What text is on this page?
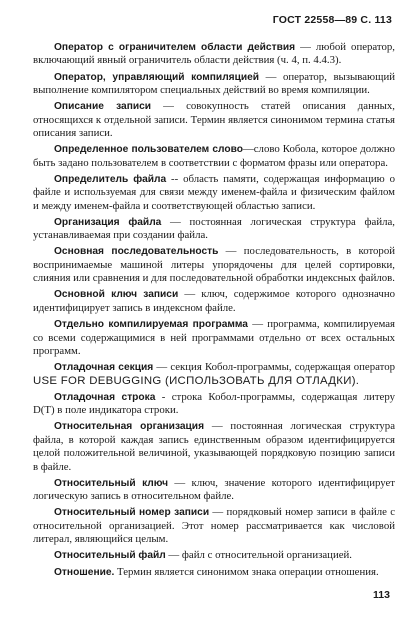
ГОСТ 22558—89 С. 113

Оператор с ограничителем области действия — любой оператор, включающий явный ограничитель области действия (ч. 4, п. 4.4.3).

Оператор, управляющий компиляцией — оператор, вызывающий выполнение компилятором специальных действий во время компиляции.

Описание записи — совокупность статей описания данных, относящихся к отдельной записи. Термин является синонимом термина статья описания записи.

Определенное пользователем слово—слово Кобола, которое должно быть задано пользователем в соответствии с форматом фразы или оператора.

Определитель файла -- область памяти, содержащая информацию о файле и используемая для связи между именем-файла и физическим файлом и между именем-файла и соответствующей областью записи.

Организация файла — постоянная логическая структура файла, устанавливаемая при создании файла.

Основная последовательность — последовательность, в которой воспринимаемые машиной литеры упорядочены для целей сортировки, слияния или сравнения и для последовательной обработки индексных файлов.

Основной ключ записи — ключ, содержимое которого однозначно идентифицирует запись в индексном файле.

Отдельно компилируемая программа — программа, компилируемая со всеми содержащимися в ней программами отдельно от всех остальных программ.

Отладочная секция — секция Кобол-программы, содержащая оператор USE FOR DEBUGGING (ИСПОЛЬЗОВАТЬ ДЛЯ ОТЛАДКИ).

Отладочная строка - строка Кобол-программы, содержащая литеру D(T) в поле индикатора строки.

Относительная организация — постоянная логическая структура файла, в которой каждая запись единственным образом идентифицируется целой положительной величиной, указывающей порядковую позицию записи в файле.

Относительный ключ — ключ, значение которого идентифицирует логическую запись в относительном файле.

Относительный номер записи — порядковый номер записи в файле с относительной организацией. Этот номер рассматривается как числовой литерал, являющийся целым.

Относительный файл — файл с относительной организацией.

Отношение. Термин является синонимом знака операции отношения.

113
